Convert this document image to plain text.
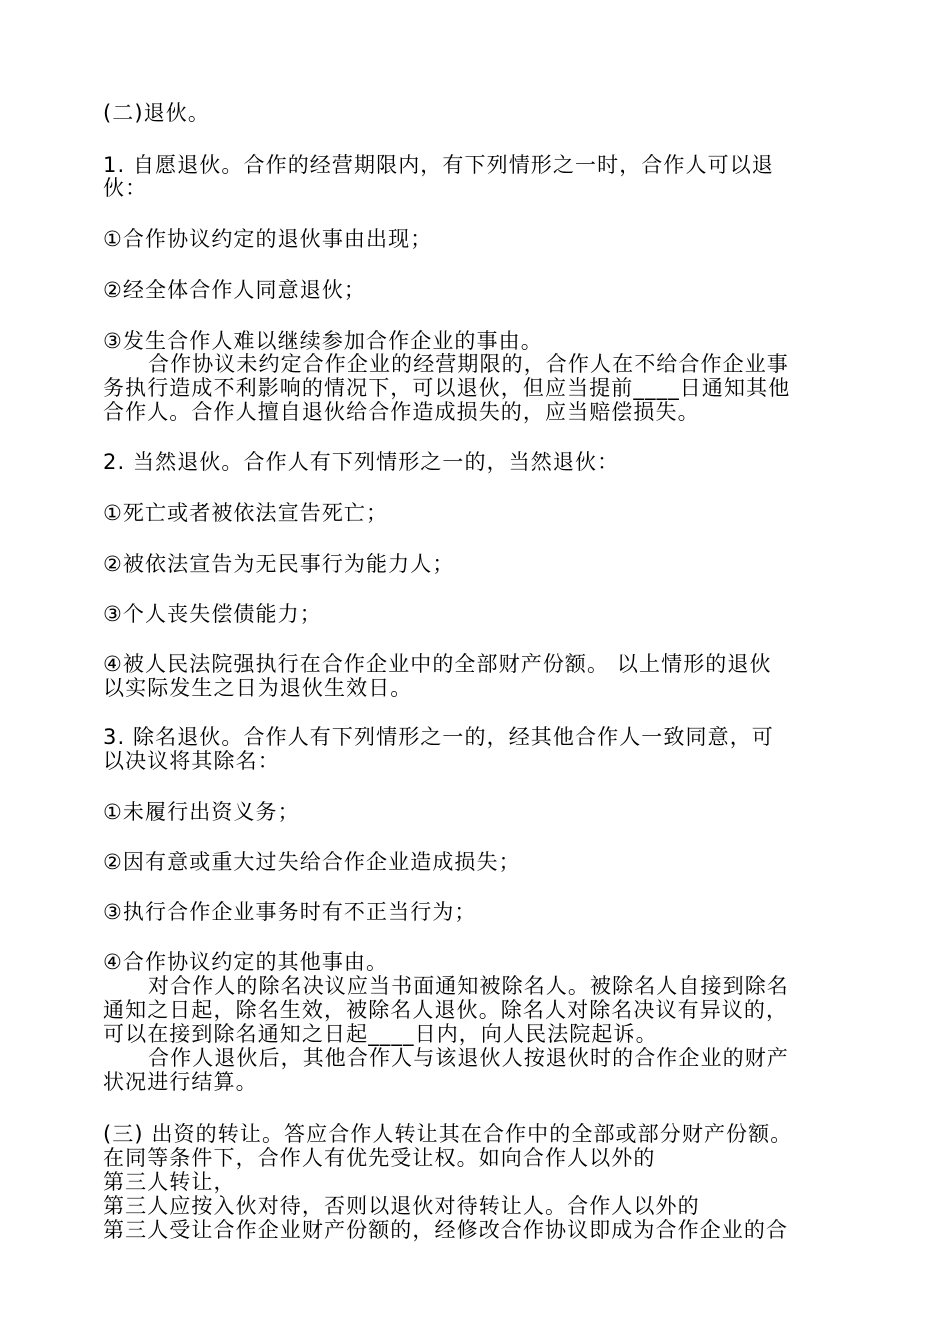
(二)退伙。

1. 自愿退伙。合作的经营期限内，有下列情形之一时，合作人可以退

伙：

①合作协议约定的退伙事由出现；

②经全体合作人同意退伙；

③发生合作人难以继续参加合作企业的事由。

合作协议未约定合作企业的经营期限的，合作人在不给合作企业事

务执行造成不利影响的情况下，可以退伙，但应当提前____日通知其他

合作人。合作人擅自退伙给合作造成损失的，应当赔偿损失。

2. 当然退伙。合作人有下列情形之一的，当然退伙：

①死亡或者被依法宣告死亡；

②被依法宣告为无民事行为能力人；

③个人丧失偿债能力；

④被人民法院强执行在合作企业中的全部财产份额。 以上情形的退伙

以实际发生之日为退伙生效日。

3. 除名退伙。合作人有下列情形之一的，经其他合作人一致同意，可

以决议将其除名：

①未履行出资义务；

②因有意或重大过失给合作企业造成损失；

③执行合作企业事务时有不正当行为；

④合作协议约定的其他事由。

对合作人的除名决议应当书面通知被除名人。被除名人自接到除名

通知之日起，除名生效，被除名人退伙。除名人对除名决议有异议的，

可以在接到除名通知之日起____日内，向人民法院起诉。

合作人退伙后，其他合作人与该退伙人按退伙时的合作企业的财产

状况进行结算。

(三) 出资的转让。答应合作人转让其在合作中的全部或部分财产份额。

在同等条件下，合作人有优先受让权。如向合作人以外的

第三人转让，

第三人应按入伙对待，否则以退伙对待转让人。合作人以外的

第三人受让合作企业财产份额的，经修改合作协议即成为合作企业的合
